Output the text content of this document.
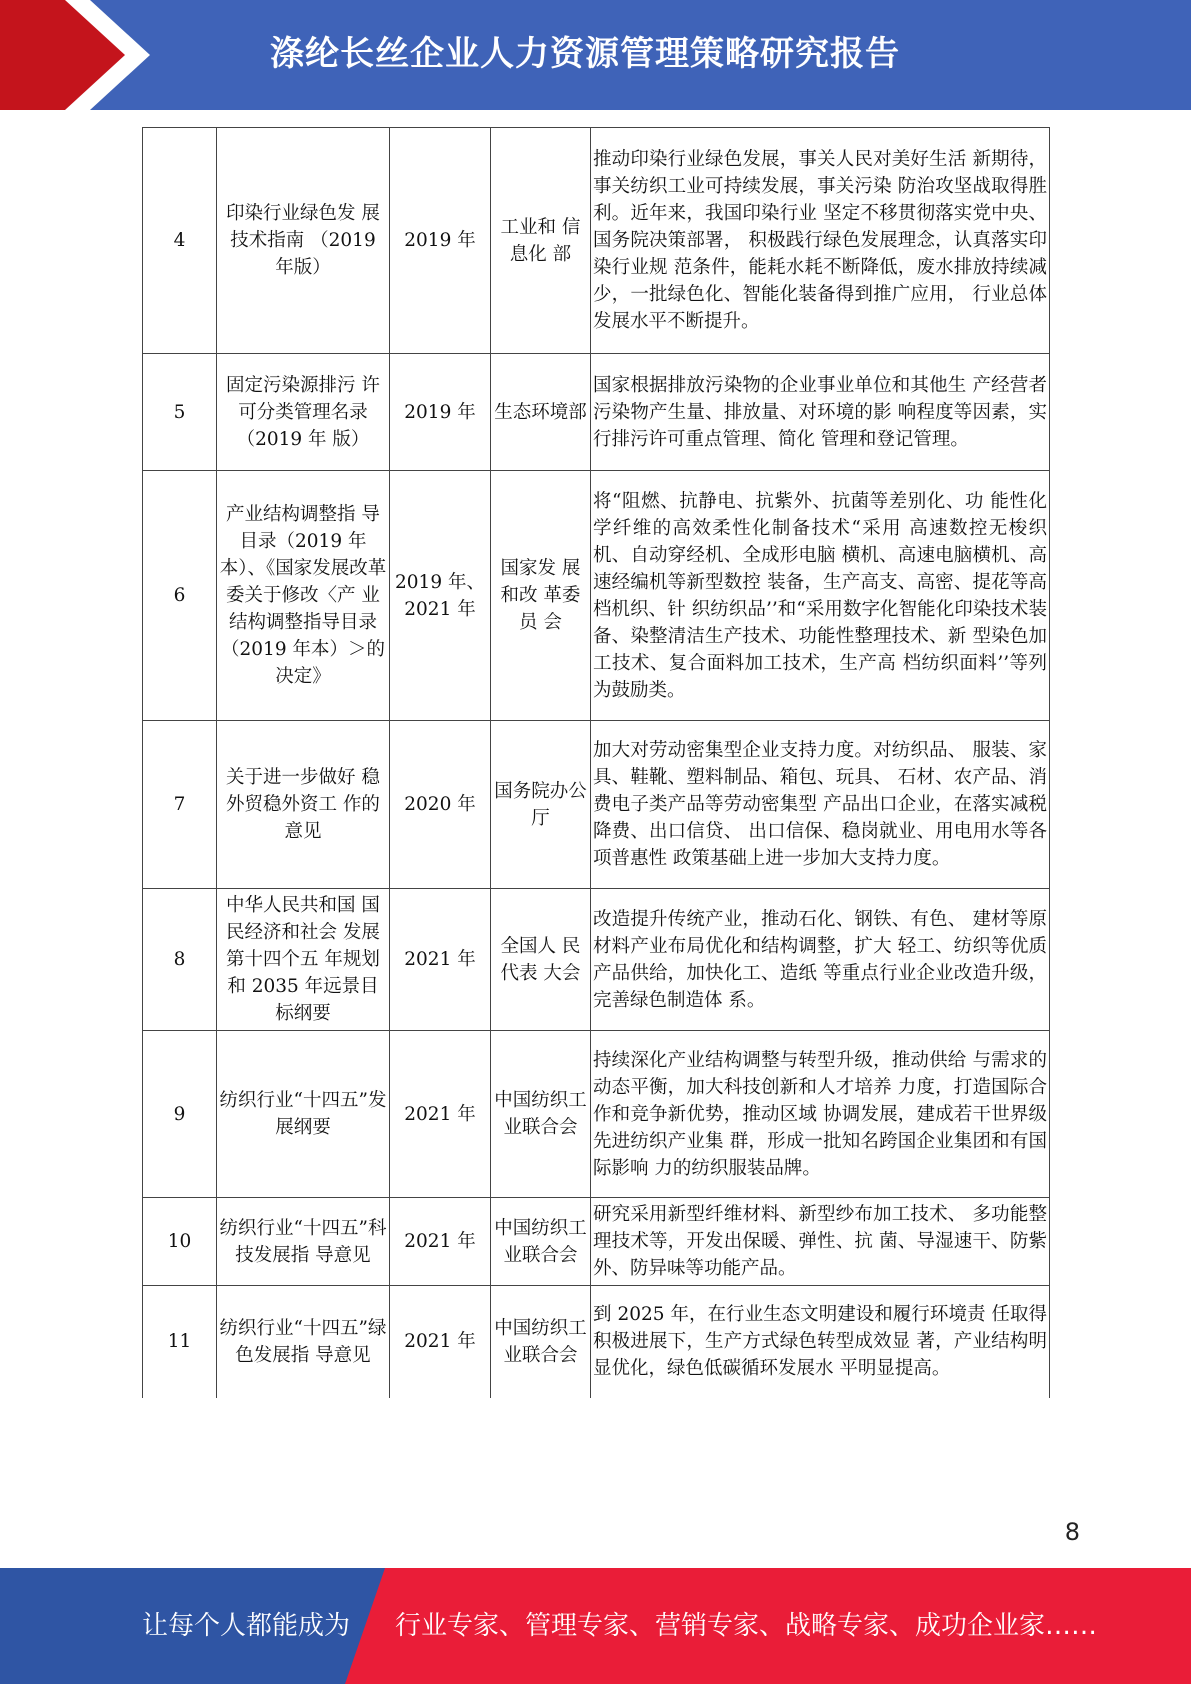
涤纶长丝企业人力资源管理策略研究报告
4	印染行业绿色发 展技术指南 （2019 年版）	2019 年	工业和 信息化 部	推动印染行业绿色发展，事关人民对美好生活 新期待，事关纺织工业可持续发展，事关污染 防治攻坚战取得胜利。近年来，我国印染行业 坚定不移贯彻落实党中央、国务院决策部署， 积极践行绿色发展理念，认真落实印染行业规 范条件，能耗水耗不断降低，废水排放持续减 少，一批绿色化、智能化装备得到推广应用， 行业总体发展水平不断提升。
5	固定污染源排污 许可分类管理名录（2019 年 版）	2019 年	生态环境部	国家根据排放污染物的企业事业单位和其他生 产经营者污染物产生量、排放量、对环境的影 响程度等因素，实行排污许可重点管理、简化 管理和登记管理。
6	产业结构调整指 导目录（2019 年本）、《国家发展改革 委关于修改〈产 业结构调整指导目录（2019 年本）＞的决定》	2019 年、2021 年	国家发 展和改 革委员 会	将“阻燃、抗静电、抗紫外、抗菌等差别化、功 能性化学纤维的高效柔性化制备技术“采用 高速数控无梭织机、自动穿经机、全成形电脑 横机、高速电脑横机、高速经编机等新型数控 装备，生产高支、高密、提花等高档机织、针 织纺织品’’和“采用数字化智能化印染技术装 备、染整清洁生产技术、功能性整理技术、新 型染色加工技术、复合面料加工技术，生产高 档纺织面料’’等列为鼓励类。
7	关于进一步做好 稳外贸稳外资工 作的意见	2020 年	国务院办公厅	加大对劳动密集型企业支持力度。对纺织品、 服装、家具、鞋靴、塑料制品、箱包、玩具、 石材、农产品、消费电子类产品等劳动密集型 产品出口企业，在落实减税降费、出口信贷、 出口信保、稳岗就业、用电用水等各项普惠性 政策基础上进一步加大支持力度。
8	中华人民共和国 国民经济和社会 发展第十四个五 年规划和 2035 年远景目标纲要	2021 年	全国人 民代表 大会	改造提升传统产业，推动石化、钢铁、有色、 建材等原材料产业布局优化和结构调整，扩大 轻工、纺织等优质产品供给，加快化工、造纸 等重点行业企业改造升级，完善绿色制造体 系。
9	纺织行业“十四五”发展纲要	2021 年	中国纺织工业联合会	持续深化产业结构调整与转型升级，推动供给 与需求的动态平衡，加大科技创新和人才培养 力度，打造国际合作和竞争新优势，推动区域 协调发展，建成若干世界级先进纺织产业集 群，形成一批知名跨国企业集团和有国际影响 力的纺织服装品牌。
10	纺织行业“十四五”科技发展指 导意见	2021 年	中国纺织工业联合会	研究采用新型纤维材料、新型纱布加工技术、 多功能整理技术等，开发出保暖、弹性、抗 菌、导湿速干、防紫外、防异味等功能产品。
11	纺织行业“十四五”绿色发展指 导意见	2021 年	中国纺织工业联合会	到 2025 年，在行业生态文明建设和履行环境责 任取得积极进展下，生产方式绿色转型成效显 著，产业结构明显优化，绿色低碳循环发展水 平明显提高。
8
让每个人都能成为 行业专家、管理专家、营销专家、战略专家、成功企业家……
